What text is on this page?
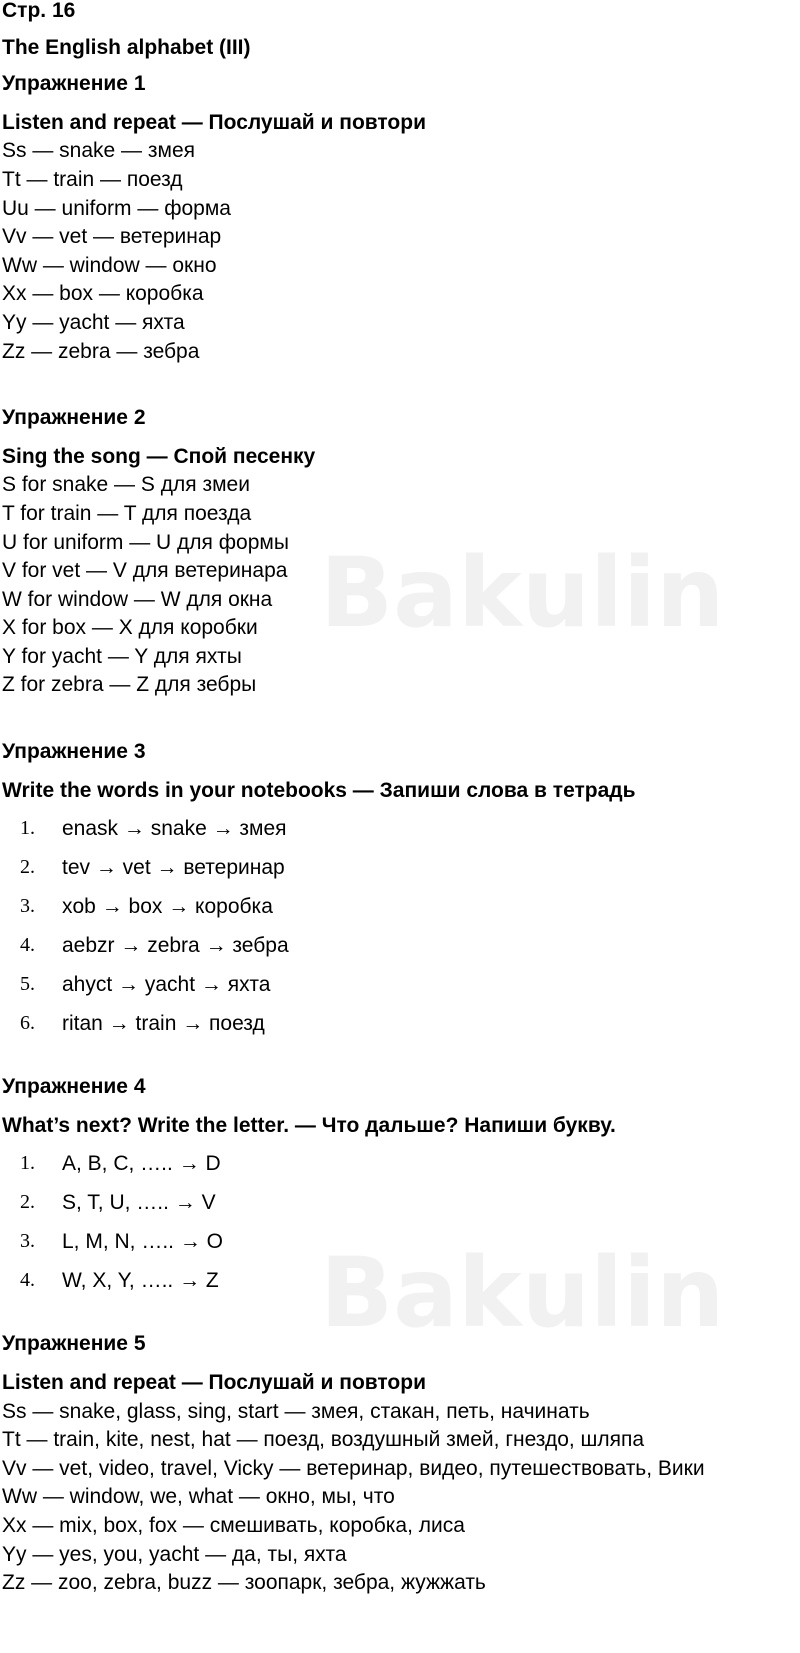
Bakulin
Bakulin
Стр. 16
The English alphabet (III)
Упражнение 1
Listen and repeat — Послушай и повтори
Ss — snake — змея
Tt — train — поезд
Uu — uniform — форма
Vv — vet — ветеринар
Ww — window — окно
Xx — box — коробка
Yy — yacht — яхта
Zz — zebra — зебра
Упражнение 2
Sing the song — Спой песенку
S for snake — S для змеи
T for train — T для поезда
U for uniform — U для формы
V for vet — V для ветеринара
W for window — W для окна
X for box — X для коробки
Y for yacht — Y для яхты
Z for zebra — Z для зебры
Упражнение 3
Write the words in your notebooks — Запиши слова в тетрадь
1.	enask → snake → змея
2.	tev → vet → ветеринар
3.	xob → box → коробка
4.	aebzr → zebra → зебра
5.	ahyct → yacht → яхта
6.	ritan → train → поезд
Упражнение 4
What’s next? Write the letter. — Что дальше? Напиши букву.
1.	A, B, C, ….. → D
2.	S, T, U, ….. → V
3.	L, M, N, ….. → O
4.	W, X, Y, ….. → Z
Упражнение 5
Listen and repeat — Послушай и повтори
Ss — snake, glass, sing, start — змея, стакан, петь, начинать
Tt — train, kite, nest, hat — поезд, воздушный змей, гнездо, шляпа
Vv — vet, video, travel, Vicky — ветеринар, видео, путешествовать, Вики
Ww — window, we, what — окно, мы, что
Xx — mix, box, fox — смешивать, коробка, лиса
Yy — yes, you, yacht — да, ты, яхта
Zz — zoo, zebra, buzz — зоопарк, зебра, жужжать
